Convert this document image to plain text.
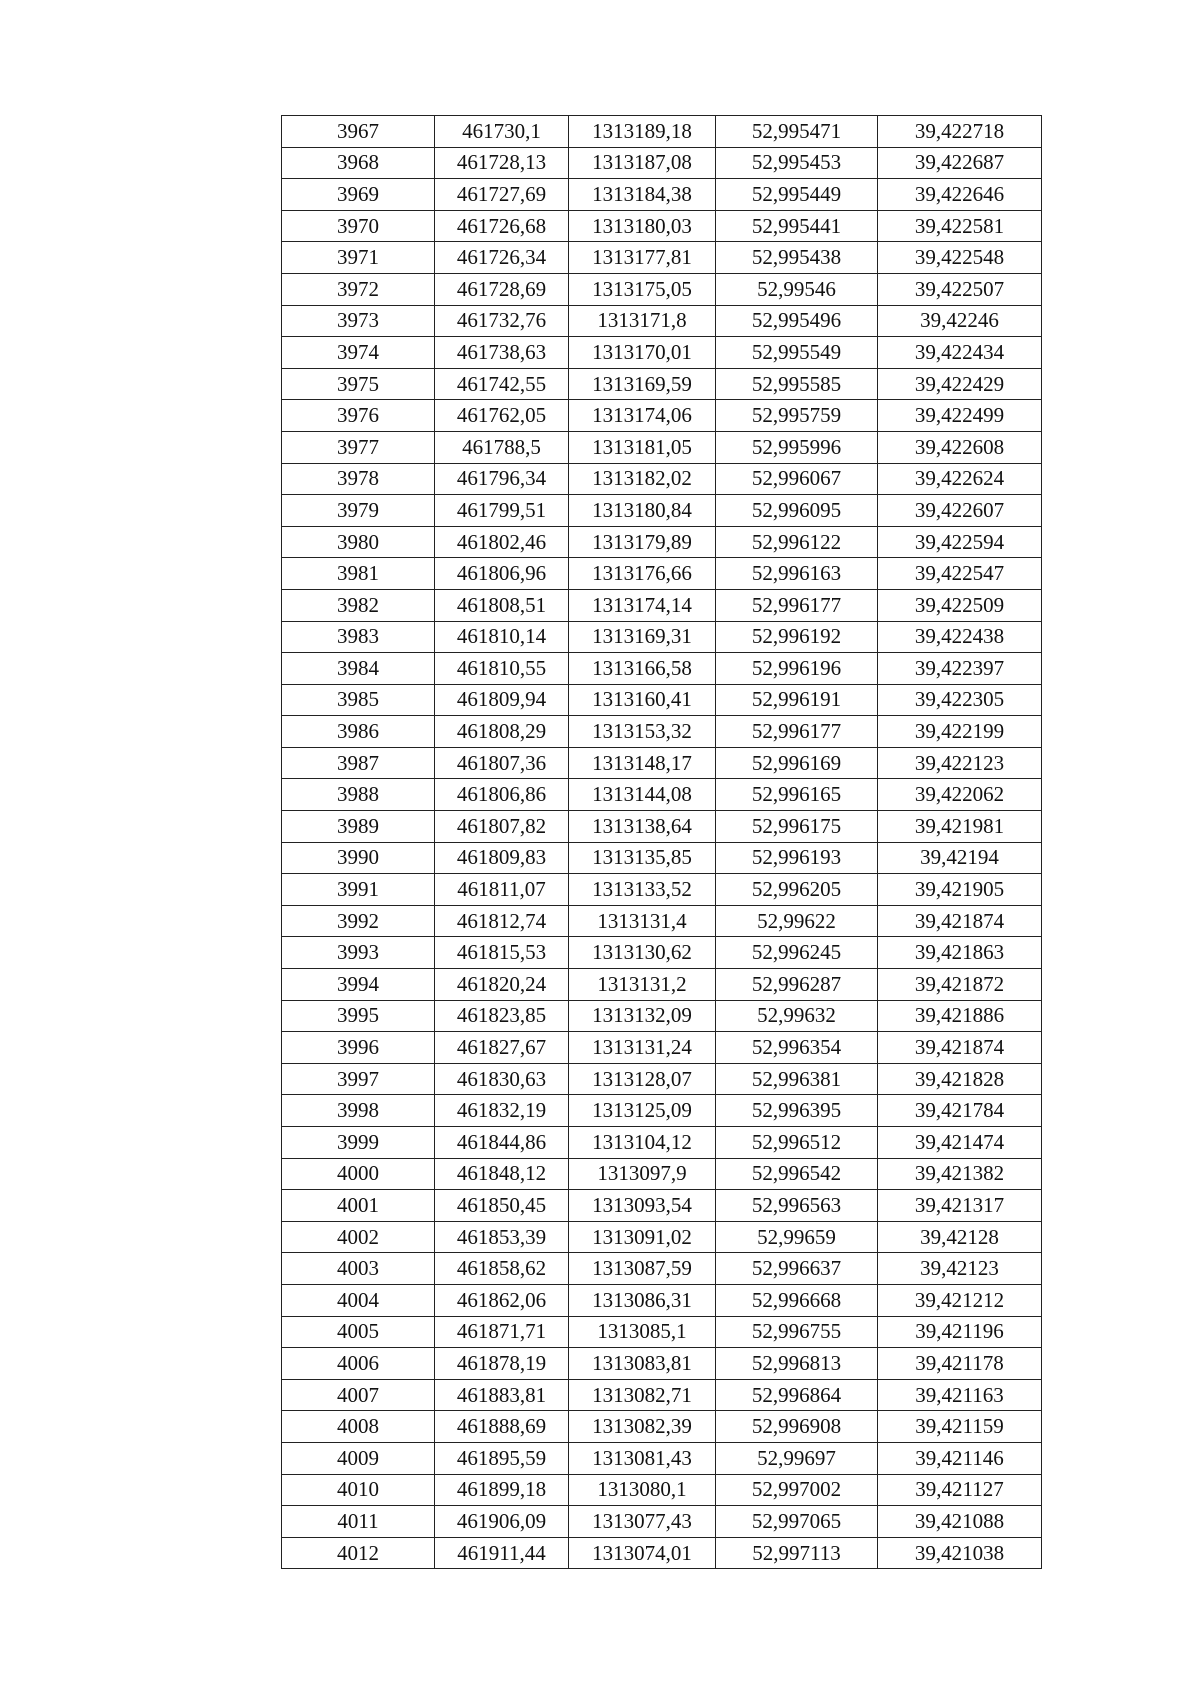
3967	461730,1	1313189,18	52,995471	39,422718
3968	461728,13	1313187,08	52,995453	39,422687
3969	461727,69	1313184,38	52,995449	39,422646
3970	461726,68	1313180,03	52,995441	39,422581
3971	461726,34	1313177,81	52,995438	39,422548
3972	461728,69	1313175,05	52,99546	39,422507
3973	461732,76	1313171,8	52,995496	39,42246
3974	461738,63	1313170,01	52,995549	39,422434
3975	461742,55	1313169,59	52,995585	39,422429
3976	461762,05	1313174,06	52,995759	39,422499
3977	461788,5	1313181,05	52,995996	39,422608
3978	461796,34	1313182,02	52,996067	39,422624
3979	461799,51	1313180,84	52,996095	39,422607
3980	461802,46	1313179,89	52,996122	39,422594
3981	461806,96	1313176,66	52,996163	39,422547
3982	461808,51	1313174,14	52,996177	39,422509
3983	461810,14	1313169,31	52,996192	39,422438
3984	461810,55	1313166,58	52,996196	39,422397
3985	461809,94	1313160,41	52,996191	39,422305
3986	461808,29	1313153,32	52,996177	39,422199
3987	461807,36	1313148,17	52,996169	39,422123
3988	461806,86	1313144,08	52,996165	39,422062
3989	461807,82	1313138,64	52,996175	39,421981
3990	461809,83	1313135,85	52,996193	39,42194
3991	461811,07	1313133,52	52,996205	39,421905
3992	461812,74	1313131,4	52,99622	39,421874
3993	461815,53	1313130,62	52,996245	39,421863
3994	461820,24	1313131,2	52,996287	39,421872
3995	461823,85	1313132,09	52,99632	39,421886
3996	461827,67	1313131,24	52,996354	39,421874
3997	461830,63	1313128,07	52,996381	39,421828
3998	461832,19	1313125,09	52,996395	39,421784
3999	461844,86	1313104,12	52,996512	39,421474
4000	461848,12	1313097,9	52,996542	39,421382
4001	461850,45	1313093,54	52,996563	39,421317
4002	461853,39	1313091,02	52,99659	39,42128
4003	461858,62	1313087,59	52,996637	39,42123
4004	461862,06	1313086,31	52,996668	39,421212
4005	461871,71	1313085,1	52,996755	39,421196
4006	461878,19	1313083,81	52,996813	39,421178
4007	461883,81	1313082,71	52,996864	39,421163
4008	461888,69	1313082,39	52,996908	39,421159
4009	461895,59	1313081,43	52,99697	39,421146
4010	461899,18	1313080,1	52,997002	39,421127
4011	461906,09	1313077,43	52,997065	39,421088
4012	461911,44	1313074,01	52,997113	39,421038
